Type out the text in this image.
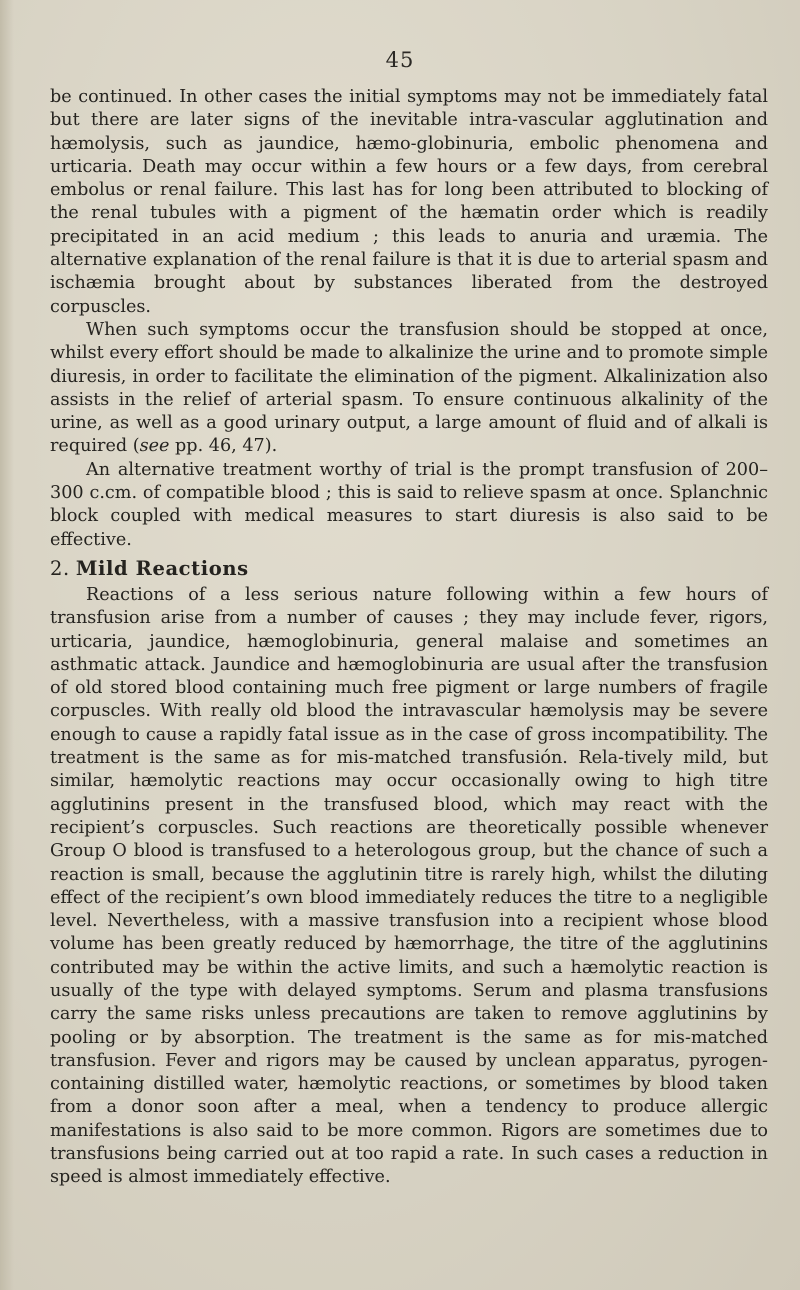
45

be continued. In other cases the initial symptoms may not be immediately fatal but there are later signs of the inevitable intra-vascular agglutination and hæmolysis, such as jaundice, hæmo-globinuria, embolic phenomena and urticaria. Death may occur within a few hours or a few days, from cerebral embolus or renal failure. This last has for long been attributed to blocking of the renal tubules with a pigment of the hæmatin order which is readily precipitated in an acid medium ; this leads to anuria and uræmia. The alternative explanation of the renal failure is that it is due to arterial spasm and ischæmia brought about by substances liberated from the destroyed corpuscles.

When such symptoms occur the transfusion should be stopped at once, whilst every effort should be made to alkalinize the urine and to promote simple diuresis, in order to facilitate the elimination of the pigment. Alkalinization also assists in the relief of arterial spasm. To ensure continuous alkalinity of the urine, as well as a good urinary output, a large amount of fluid and of alkali is required (see pp. 46, 47).

An alternative treatment worthy of trial is the prompt transfusion of 200–300 c.cm. of compatible blood ; this is said to relieve spasm at once. Splanchnic block coupled with medical measures to start diuresis is also said to be effective.

2. Mild Reactions

Reactions of a less serious nature following within a few hours of transfusion arise from a number of causes ; they may include fever, rigors, urticaria, jaundice, hæmoglobinuria, general malaise and sometimes an asthmatic attack. Jaundice and hæmoglobinuria are usual after the transfusion of old stored blood containing much free pigment or large numbers of fragile corpuscles. With really old blood the intravascular hæmolysis may be severe enough to cause a rapidly fatal issue as in the case of gross incompatibility. The treatment is the same as for mis-matched transfusión. Rela-tively mild, but similar, hæmolytic reactions may occur occasionally owing to high titre agglutinins present in the transfused blood, which may react with the recipient’s corpuscles. Such reactions are theoretically possible whenever Group O blood is transfused to a heterologous group, but the chance of such a reaction is small, because the agglutinin titre is rarely high, whilst the diluting effect of the recipient’s own blood immediately reduces the titre to a negligible level. Nevertheless, with a massive transfusion into a recipient whose blood volume has been greatly reduced by hæmorrhage, the titre of the agglutinins contributed may be within the active limits, and such a hæmolytic reaction is usually of the type with delayed symptoms. Serum and plasma transfusions carry the same risks unless precautions are taken to remove agglutinins by pooling or by absorption. The treatment is the same as for mis-matched transfusion. Fever and rigors may be caused by unclean apparatus, pyrogen-containing distilled water, hæmolytic reactions, or sometimes by blood taken from a donor soon after a meal, when a tendency to produce allergic manifestations is also said to be more common. Rigors are sometimes due to transfusions being carried out at too rapid a rate. In such cases a reduction in speed is almost immediately effective.
